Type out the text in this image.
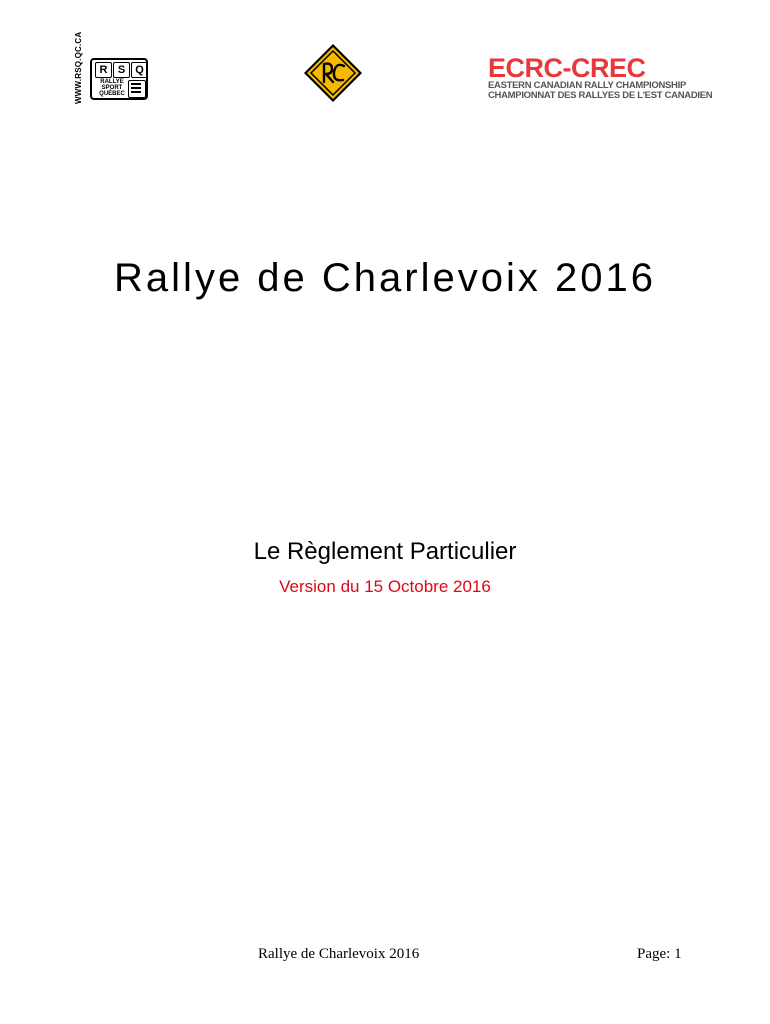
WWW.RSQ.QC.CA	R S Q
RALLYE
SPORT
QUÉBEC
ECRC-CREC
EASTERN CANADIAN RALLY CHAMPIONSHIP
CHAMPIONNAT DES RALLYES DE L'EST CANADIEN
Rallye de Charlevoix 2016
Le Règlement Particulier
Version du 15 Octobre 2016
Rallye de Charlevoix 2016	Page: 1
